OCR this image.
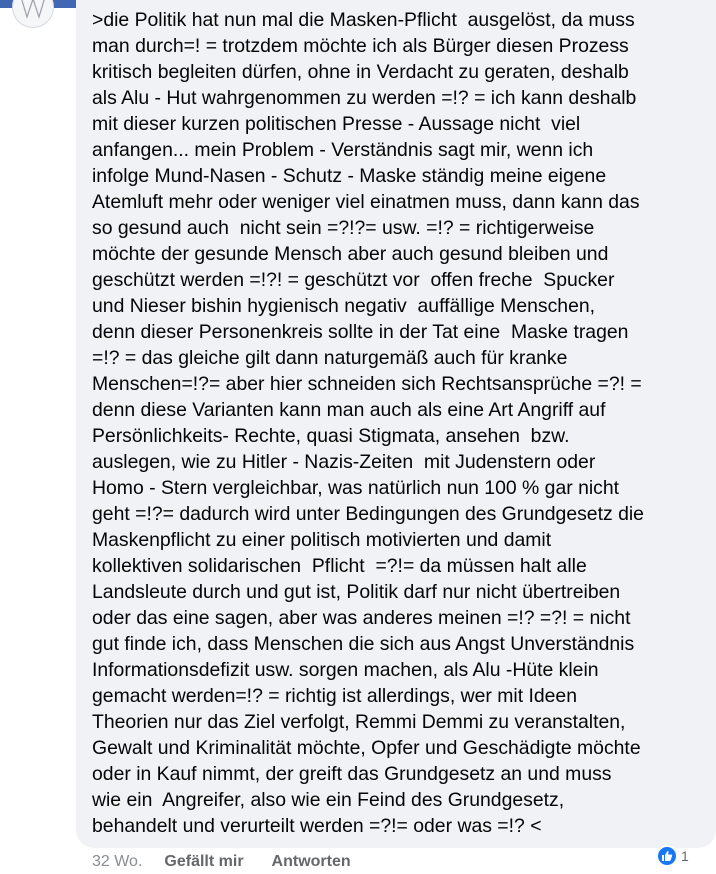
>die Politik hat nun mal die Masken-Pflicht  ausgelöst, da muss
man durch=! = trotzdem möchte ich als Bürger diesen Prozess
kritisch begleiten dürfen, ohne in Verdacht zu geraten, deshalb
als Alu - Hut wahrgenommen zu werden =!? = ich kann deshalb
mit dieser kurzen politischen Presse - Aussage nicht  viel
anfangen... mein Problem - Verständnis sagt mir, wenn ich
infolge Mund-Nasen - Schutz - Maske ständig meine eigene
Atemluft mehr oder weniger viel einatmen muss, dann kann das
so gesund auch  nicht sein =?!?= usw. =!? = richtigerweise
möchte der gesunde Mensch aber auch gesund bleiben und
geschützt werden =!?! = geschützt vor  offen freche  Spucker
und Nieser bishin hygienisch negativ  auffällige Menschen,
denn dieser Personenkreis sollte in der Tat eine  Maske tragen
=!? = das gleiche gilt dann naturgemäß auch für kranke
Menschen=!?= aber hier schneiden sich Rechtsansprüche =?! =
denn diese Varianten kann man auch als eine Art Angriff auf
Persönlichkeits- Rechte, quasi Stigmata, ansehen  bzw.
auslegen, wie zu Hitler - Nazis-Zeiten  mit Judenstern oder
Homo - Stern vergleichbar, was natürlich nun 100 % gar nicht
geht =!?= dadurch wird unter Bedingungen des Grundgesetz die
Maskenpflicht zu einer politisch motivierten und damit
kollektiven solidarischen  Pflicht  =?!= da müssen halt alle
Landsleute durch und gut ist, Politik darf nur nicht übertreiben
oder das eine sagen, aber was anderes meinen =!? =?! = nicht
gut finde ich, dass Menschen die sich aus Angst Unverständnis
Informationsdefizit usw. sorgen machen, als Alu -Hüte klein
gemacht werden=!? = richtig ist allerdings, wer mit Ideen
Theorien nur das Ziel verfolgt, Remmi Demmi zu veranstalten,
Gewalt und Kriminalität möchte, Opfer und Geschädigte möchte
oder in Kauf nimmt, der greift das Grundgesetz an und muss
wie ein  Angreifer, also wie ein Feind des Grundgesetz,
behandelt und verurteilt werden =?!= oder was =!? <
32 Wo. Gefällt mir Antworten	1
